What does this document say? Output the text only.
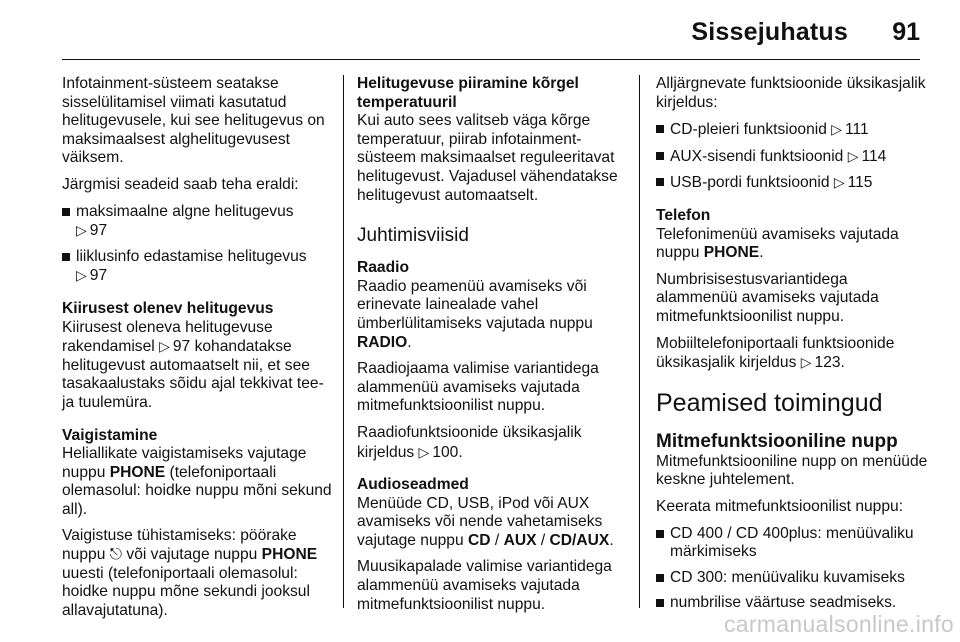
Sissejuhatus 91

Infotainment-süsteem seatakse sisselülitamisel viimati kasutatud helitugevusele, kui see helitugevus on maksimaalsest alghelitugevusest väiksem.

Järgmisi seadeid saab teha eraldi:

maksimaalne algne helitugevus
▷ 97
liiklusinfo edastamise helitugevus
▷ 97
Kiirusest olenev helitugevus

Kiirusest oleneva helitugevuse rakendamisel ▷ 97 kohandatakse helitugevust automaatselt nii, et see tasakaalustaks sõidu ajal tekkivat tee- ja tuulemüra.

Vaigistamine

Heliallikate vaigistamiseks vajutage nuppu PHONE (telefoniportaali olemasolul: hoidke nuppu mõni sekund all).

Vaigistuse tühistamiseks: pöörake nuppu ⎋ või vajutage nuppu PHONE uuesti (telefoniportaali olemasolul: hoidke nuppu mõne sekundi jooksul allavajutatuna).

Helitugevuse piiramine kõrgel temperatuuril

Kui auto sees valitseb väga kõrge temperatuur, piirab infotainment-süsteem maksimaalset reguleeritavat helitugevust. Vajadusel vähendatakse helitugevust automaatselt.

Juhtimisviisid
Raadio

Raadio peamenüü avamiseks või erinevate lainealade vahel ümberlülitamiseks vajutada nuppu RADIO.

Raadiojaama valimise variantidega alammenüü avamiseks vajutada mitmefunktsioonilist nuppu.

Raadiofunktsioonide üksikasjalik kirjeldus ▷ 100.

Audioseadmed

Menüüde CD, USB, iPod või AUX avamiseks või nende vahetamiseks vajutage nuppu CD / AUX / CD/AUX.

Muusikapalade valimise variantidega alammenüü avamiseks vajutada mitmefunktsioonilist nuppu.

Alljärgnevate funktsioonide üksikasjalik kirjeldus:

CD-pleieri funktsioonid ▷ 111
AUX-sisendi funktsioonid ▷ 114
USB-pordi funktsioonid ▷ 115
Telefon

Telefonimenüü avamiseks vajutada nuppu PHONE.

Numbrisisestusvariantidega alammenüü avamiseks vajutada mitmefunktsioonilist nuppu.

Mobiiltelefoniportaali funktsioonide üksikasjalik kirjeldus ▷ 123.

Peamised toimingud
Mitmefunktsiooniline nupp

Mitmefunktsiooniline nupp on menüüde keskne juhtelement.

Keerata mitmefunktsioonilist nuppu:

CD 400 / CD 400plus: menüüvaliku märkimiseks
CD 300: menüüvaliku kuvamiseks
numbrilise väärtuse seadmiseks.
carmanualsonline.info
